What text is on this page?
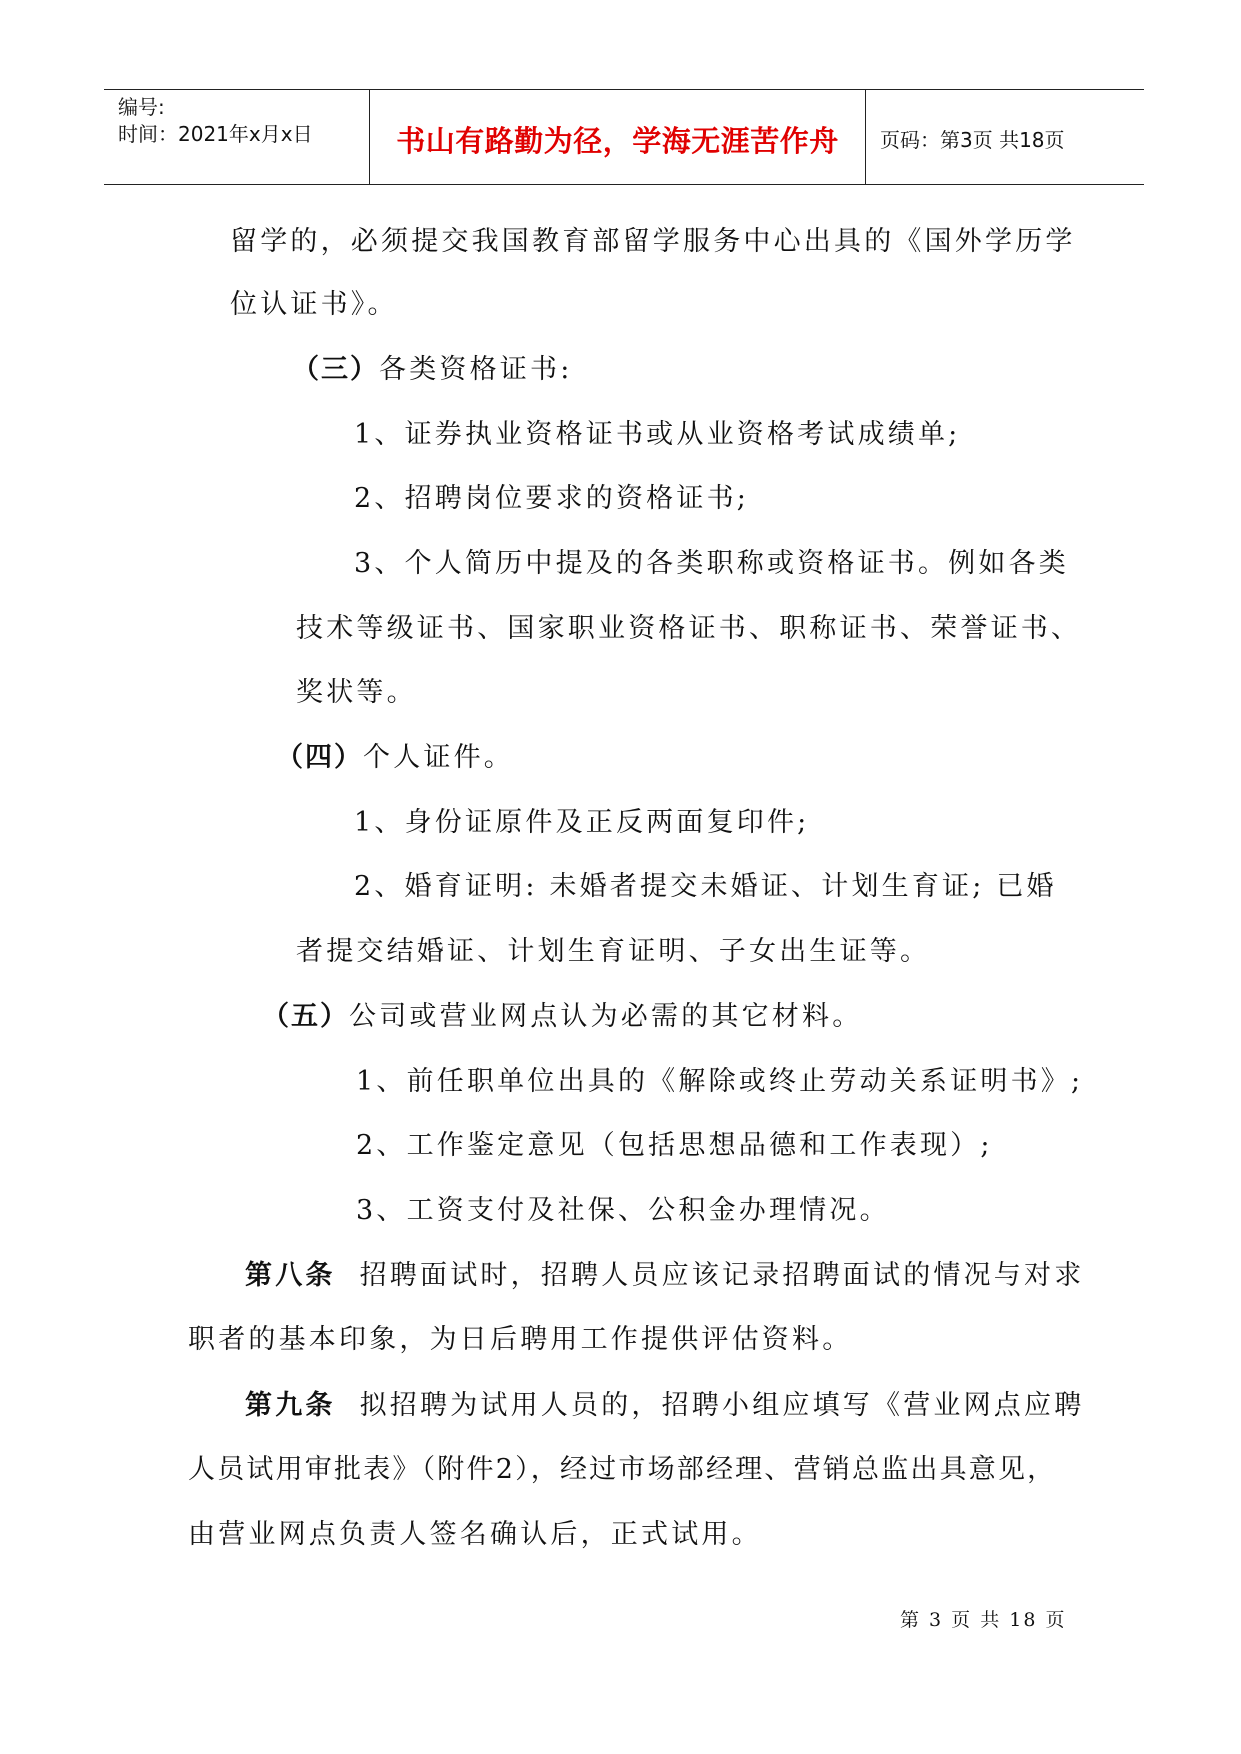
编号:
时间：2021年x月x日	书山有路勤为径，学海无涯苦作舟	页码：第3页 共18页
留学的，必须提交我国教育部留学服务中心出具的《国外学历学
位认证书》。
（三）各类资格证书:
1、证券执业资格证书或从业资格考试成绩单;
2、招聘岗位要求的资格证书;
3、个人简历中提及的各类职称或资格证书。例如各类
技术等级证书、国家职业资格证书、职称证书、荣誉证书、
奖状等。
（四）个人证件。
1、身份证原件及正反两面复印件;
2、婚育证明: 未婚者提交未婚证、计划生育证; 已婚
者提交结婚证、计划生育证明、子女出生证等。
（五）公司或营业网点认为必需的其它材料。
1、前任职单位出具的《解除或终止劳动关系证明书》;
2、工作鉴定意见（包括思想品德和工作表现）;
3、工资支付及社保、公积金办理情况。
第八条 招聘面试时，招聘人员应该记录招聘面试的情况与对求
职者的基本印象，为日后聘用工作提供评估资料。
第九条 拟招聘为试用人员的，招聘小组应填写《营业网点应聘
人员试用审批表》（附件2），经过市场部经理、营销总监出具意见，
由营业网点负责人签名确认后，正式试用。
第 3 页 共 18 页
